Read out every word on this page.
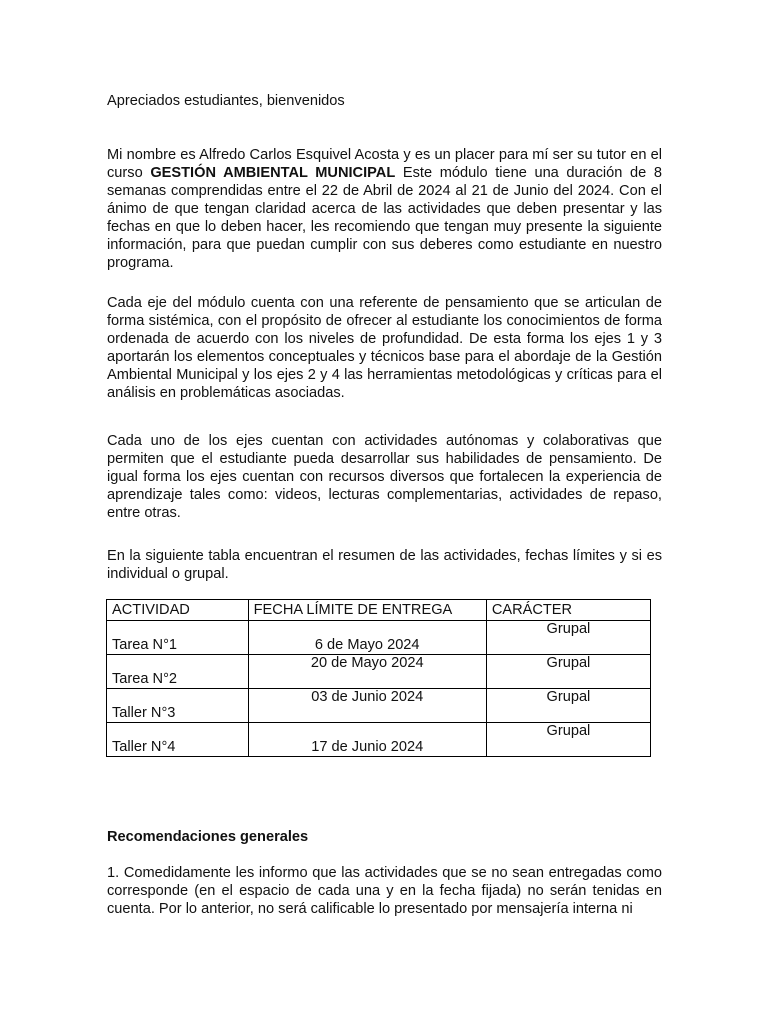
Apreciados estudiantes, bienvenidos

Mi nombre es Alfredo Carlos Esquivel Acosta y es un placer para mí ser su tutor en el curso GESTIÓN AMBIENTAL MUNICIPAL Este módulo tiene una duración de 8 semanas comprendidas entre el 22 de Abril de 2024 al 21 de Junio del 2024. Con el ánimo de que tengan claridad acerca de las actividades que deben presentar y las fechas en que lo deben hacer, les recomiendo que tengan muy presente la siguiente información, para que puedan cumplir con sus deberes como estudiante en nuestro programa.

Cada eje del módulo cuenta con una referente de pensamiento que se articulan de forma sistémica, con el propósito de ofrecer al estudiante los conocimientos de forma ordenada de acuerdo con los niveles de profundidad. De esta forma los ejes 1 y 3 aportarán los elementos conceptuales y técnicos base para el abordaje de la Gestión Ambiental Municipal y los ejes 2 y 4 las herramientas metodológicas y críticas para el análisis en problemáticas asociadas.

Cada uno de los ejes cuentan con actividades autónomas y colaborativas que permiten que el estudiante pueda desarrollar sus habilidades de pensamiento. De igual forma los ejes cuentan con recursos diversos que fortalecen la experiencia de aprendizaje tales como: videos, lecturas complementarias, actividades de repaso, entre otras.

En la siguiente tabla encuentran el resumen de las actividades, fechas límites y si es individual o grupal.

ACTIVIDAD	FECHA LÍMITE DE ENTREGA	CARÁCTER

Tarea N°1	6 de Mayo 2024	Grupal

Tarea N°2	20 de Mayo 2024	Grupal

Taller N°3	03 de Junio 2024	Grupal

Taller N°4	17 de Junio 2024	Grupal

Recomendaciones generales

1. Comedidamente les informo que las actividades que se no sean entregadas como corresponde (en el espacio de cada una y en la fecha fijada) no serán tenidas en cuenta. Por lo anterior, no será calificable lo presentado por mensajería interna ni
